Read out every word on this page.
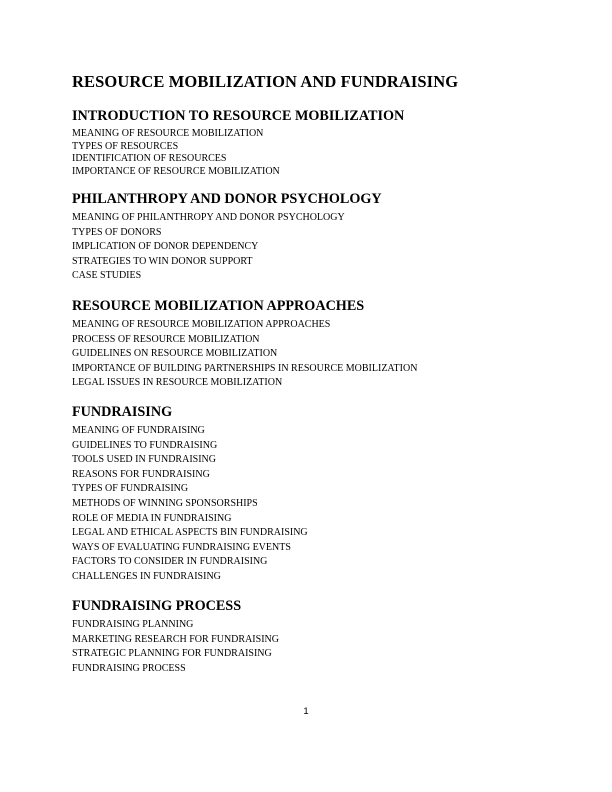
RESOURCE MOBILIZATION AND FUNDRAISING
INTRODUCTION TO RESOURCE MOBILIZATION
MEANING OF RESOURCE MOBILIZATION
TYPES OF RESOURCES
IDENTIFICATION OF RESOURCES
IMPORTANCE OF RESOURCE MOBILIZATION
PHILANTHROPY AND DONOR PSYCHOLOGY
MEANING OF PHILANTHROPY AND DONOR PSYCHOLOGY
TYPES OF DONORS
IMPLICATION OF DONOR DEPENDENCY
STRATEGIES TO WIN DONOR SUPPORT
CASE STUDIES
RESOURCE MOBILIZATION APPROACHES
MEANING OF RESOURCE MOBILIZATION APPROACHES
PROCESS OF RESOURCE MOBILIZATION
GUIDELINES ON RESOURCE MOBILIZATION
IMPORTANCE OF BUILDING PARTNERSHIPS IN RESOURCE MOBILIZATION
LEGAL ISSUES IN RESOURCE MOBILIZATION
FUNDRAISING
MEANING OF FUNDRAISING
GUIDELINES TO FUNDRAISING
TOOLS USED IN FUNDRAISING
REASONS FOR FUNDRAISING
TYPES OF FUNDRAISING
METHODS OF WINNING SPONSORSHIPS
ROLE OF MEDIA IN FUNDRAISING
LEGAL AND ETHICAL ASPECTS BIN FUNDRAISING
WAYS OF EVALUATING FUNDRAISING EVENTS
FACTORS TO CONSIDER IN FUNDRAISING
CHALLENGES IN FUNDRAISING
FUNDRAISING PROCESS
FUNDRAISING PLANNING
MARKETING RESEARCH FOR FUNDRAISING
STRATEGIC PLANNING FOR FUNDRAISING
FUNDRAISING PROCESS
1
